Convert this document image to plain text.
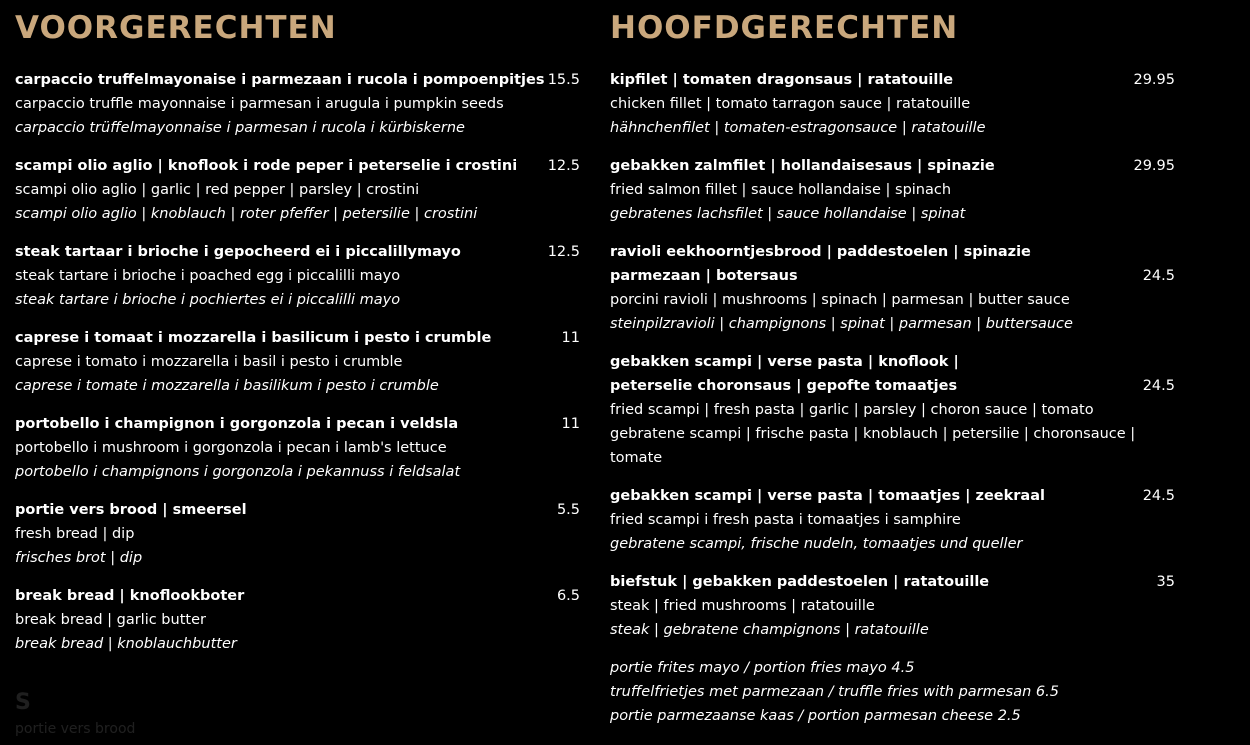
VOORGERECHTEN
carpaccio truffelmayonaise i parmezaan i rucola i pompoenpitjes 15.5
carpaccio truffle mayonnaise i parmesan i arugula i pumpkin seeds
carpaccio trüffelmayonnaise i parmesan i rucola i kürbiskerne
scampi olio aglio | knoflook i rode peper i peterselie i crostini	12.5
scampi olio aglio | garlic | red pepper | parsley | crostini
scampi olio aglio | knoblauch | roter pfeffer | petersilie | crostini
steak tartaar i brioche i gepocheerd ei i piccalillymayo	12.5
steak tartare i brioche i poached egg i piccalilli mayo
steak tartare i brioche i pochiertes ei i piccalilli mayo
caprese i tomaat i mozzarella i basilicum i pesto i crumble	11
caprese i tomato i mozzarella i basil i pesto i crumble
caprese i tomate i mozzarella i basilikum i pesto i crumble
portobello i champignon i gorgonzola i pecan i veldsla	11
portobello i mushroom i gorgonzola i pecan i lamb's lettuce
portobello i champignons i gorgonzola i pekannuss i feldsalat
portie vers brood | smeersel	5.5
fresh bread | dip
frisches brot | dip
break bread | knoflookboter	6.5
break bread | garlic butter
break bread | knoblauchbutter
S
portie vers brood
HOOFDGERECHTEN
kipfilet | tomaten dragonsaus | ratatouille	29.95
chicken fillet | tomato tarragon sauce | ratatouille
hähnchenfilet | tomaten-estragonsauce | ratatouille
gebakken zalmfilet | hollandaisesaus | spinazie	29.95
fried salmon fillet | sauce hollandaise | spinach
gebratenes lachsfilet | sauce hollandaise | spinat
ravioli eekhoorntjesbrood | paddestoelen | spinazie parmezaan | botersaus	24.5
porcini ravioli | mushrooms | spinach | parmesan | butter sauce
steinpilzravioli | champignons | spinat | parmesan | buttersauce
gebakken scampi | verse pasta | knoflook | peterselie choronsaus | gepofte tomaatjes	24.5
fried scampi | fresh pasta | garlic | parsley | choron sauce | tomato
gebratene scampi | frische pasta | knoblauch | petersilie | choronsauce | tomate
gebakken scampi | verse pasta | tomaatjes | zeekraal	24.5
fried scampi i fresh pasta i tomaatjes i samphire
gebratene scampi, frische nudeln, tomaatjes und queller
biefstuk | gebakken paddestoelen | ratatouille	35
steak | fried mushrooms | ratatouille
steak | gebratene champignons | ratatouille
portie frites mayo / portion fries mayo 4.5
truffelfrietjes met parmezaan / truffle fries with parmesan 6.5
portie parmezaanse kaas / portion parmesan cheese 2.5
